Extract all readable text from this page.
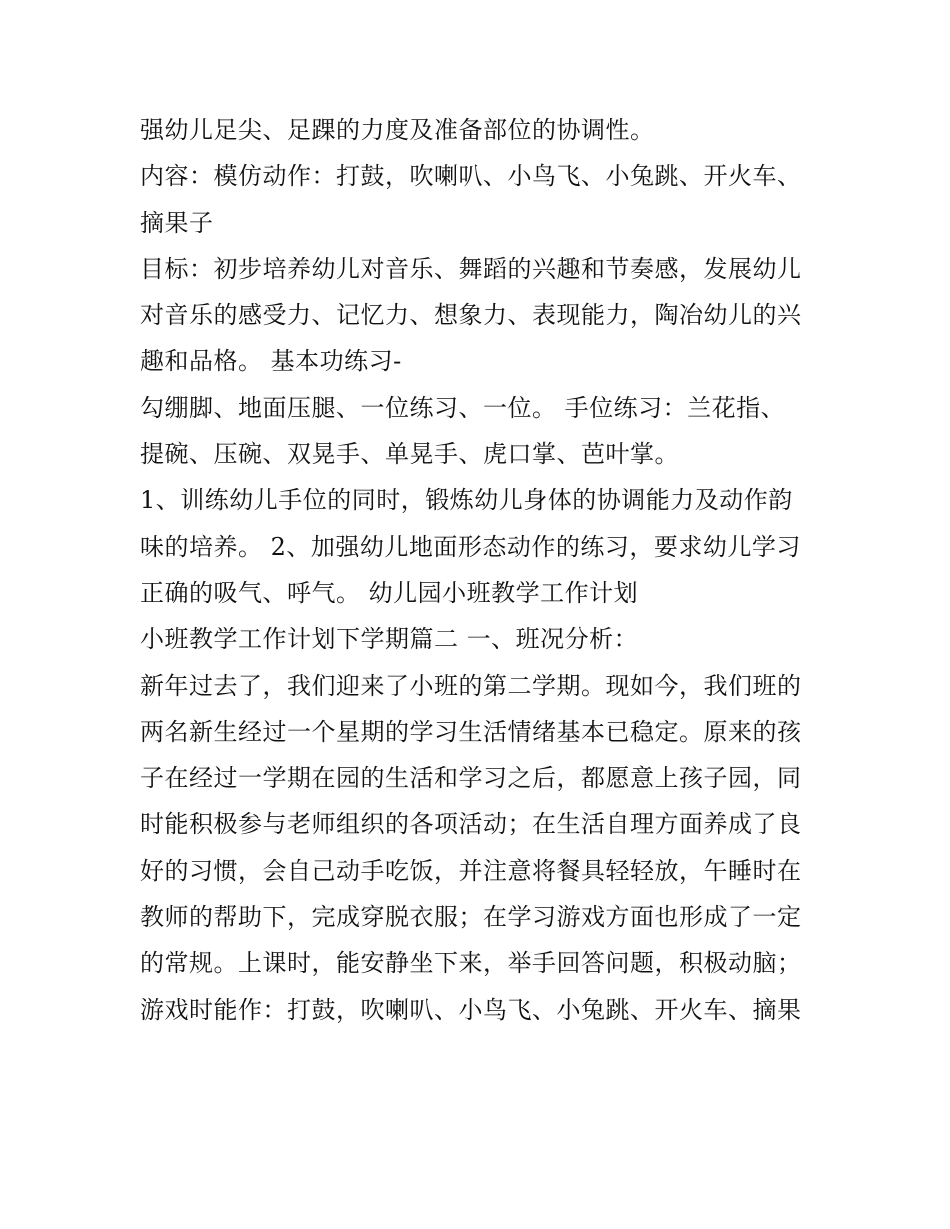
强幼儿足尖、足踝的力度及准备部位的协调性。
内容：模仿动作：打鼓，吹喇叭、小鸟飞、小兔跳、开火车、
摘果子
目标：初步培养幼儿对音乐、舞蹈的兴趣和节奏感，发展幼儿
对音乐的感受力、记忆力、想象力、表现能力，陶冶幼儿的兴
趣和品格。 基本功练习-
勾绷脚、地面压腿、一位练习、一位。 手位练习：兰花指、
提碗、压碗、双晃手、单晃手、虎口掌、芭叶掌。
1、训练幼儿手位的同时，锻炼幼儿身体的协调能力及动作韵
味的培养。 2、加强幼儿地面形态动作的练习，要求幼儿学习
正确的吸气、呼气。 幼儿园小班教学工作计划
小班教学工作计划下学期篇二 一、班况分析：
新年过去了，我们迎来了小班的第二学期。现如今，我们班的
两名新生经过一个星期的学习生活情绪基本已稳定。原来的孩
子在经过一学期在园的生活和学习之后，都愿意上孩子园，同
时能积极参与老师组织的各项活动；在生活自理方面养成了良
好的习惯，会自己动手吃饭，并注意将餐具轻轻放，午睡时在
教师的帮助下，完成穿脱衣服；在学习游戏方面也形成了一定
的常规。上课时，能安静坐下来，举手回答问题，积极动脑；
游戏时能作：打鼓，吹喇叭、小鸟飞、小兔跳、开火车、摘果
